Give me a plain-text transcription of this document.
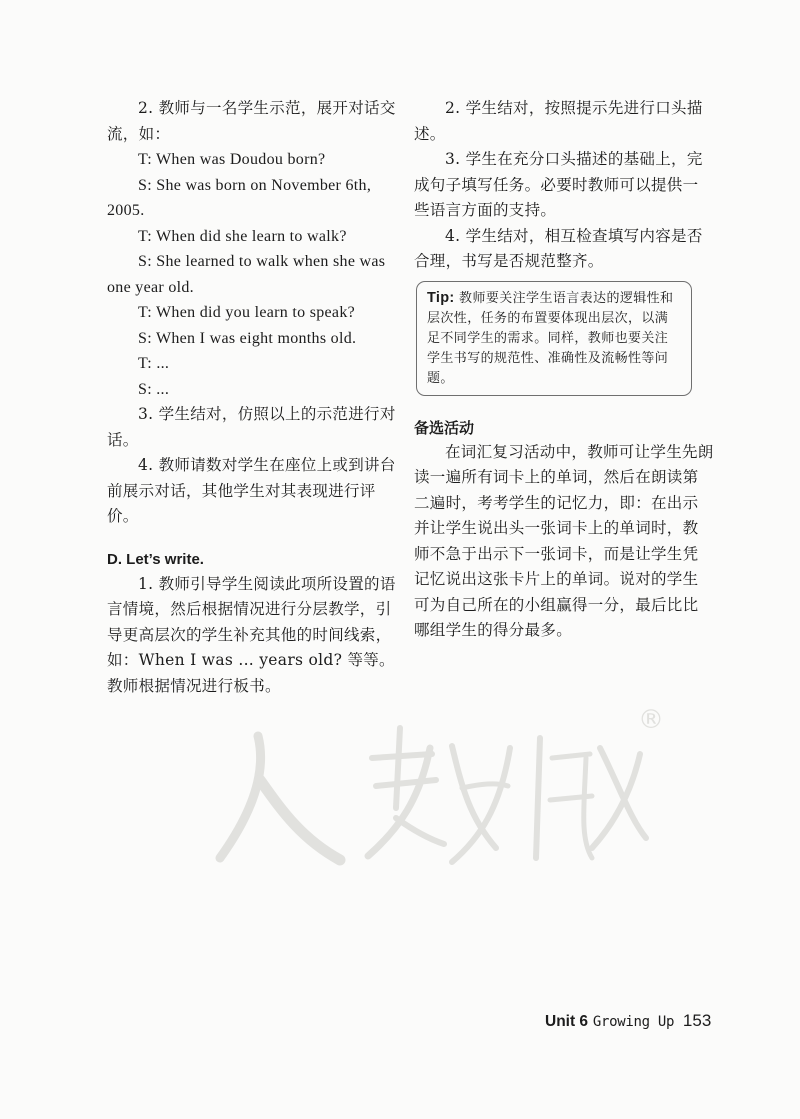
2. 教师与一名学生示范，展开对话交流，如：

T: When was Doudou born?

S: She was born on November 6th, 2005.

T: When did she learn to walk?

S: She learned to walk when she was one year old.

T: When did you learn to speak?

S: When I was eight months old.

T: ...

S: ...

3. 学生结对，仿照以上的示范进行对话。

4. 教师请数对学生在座位上或到讲台前展示对话，其他学生对其表现进行评价。

D. Let’s write.

1. 教师引导学生阅读此项所设置的语言情境，然后根据情况进行分层教学，引导更高层次的学生补充其他的时间线索，如：When I was ... years old? 等等。教师根据情况进行板书。

2. 学生结对，按照提示先进行口头描述。

3. 学生在充分口头描述的基础上，完成句子填写任务。必要时教师可以提供一些语言方面的支持。

4. 学生结对，相互检查填写内容是否合理，书写是否规范整齐。

Tip: 教师要关注学生语言表达的逻辑性和层次性，任务的布置要体现出层次，以满足不同学生的需求。同样，教师也要关注学生书写的规范性、准确性及流畅性等问题。

备选活动

在词汇复习活动中，教师可让学生先朗读一遍所有词卡上的单词，然后在朗读第二遍时，考考学生的记忆力，即：在出示并让学生说出头一张词卡上的单词时，教师不急于出示下一张词卡，而是让学生凭记忆说出这张卡片上的单词。说对的学生可为自己所在的小组赢得一分，最后比比哪组学生的得分最多。

®
Unit 6 Growing Up 153
